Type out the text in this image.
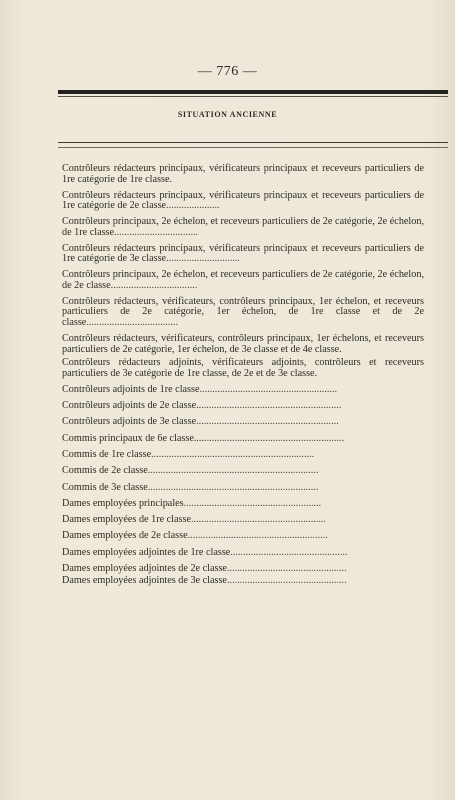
— 776 —
SITUATION ANCIENNE
Contrôleurs rédacteurs principaux, vérificateurs principaux et receveurs particuliers de 1re catégorie de 1re classe.
Contrôleurs rédacteurs principaux, vérificateurs principaux et receveurs particuliers de 1re catégorie de 2e classe.....................
Contrôleurs principaux, 2e échelon, et receveurs particuliers de 2e catégorie, 2e échelon, de 1re classe.................................
Contrôleurs rédacteurs principaux, vérificateurs principaux et receveurs particuliers de 1re catégorie de 3e classe.............................
Contrôleurs principaux, 2e échelon, et receveurs particuliers de 2e catégorie, 2e échelon, de 2e classe..................................
Contrôleurs rédacteurs, vérificateurs, contrôleurs principaux, 1er échelon, et receveurs particuliers de 2e catégorie, 1er échelon, de 1re classe et de 2e classe....................................
Contrôleurs rédacteurs, vérificateurs, contrôleurs principaux, 1er échelons, et receveurs particuliers de 2e catégorie, 1er échelon, de 3e classe et de 4e classe.
Contrôleurs rédacteurs adjoints, vérificateurs adjoints, contrôleurs et receveurs particuliers de 3e catégorie de 1re classe, de 2e et de 3e classe.
Contrôleurs adjoints de 1re classe......................................................
Contrôleurs adjoints de 2e classe.........................................................
Contrôleurs adjoints de 3e classe........................................................
Commis principaux de 6e classe...........................................................
Commis de 1re classe................................................................
Commis de 2e classe...................................................................
Commis de 3e classe...................................................................
Dames employées principales......................................................
Dames employées de 1re classe.....................................................
Dames employées de 2e classe.......................................................
Dames employées adjointes de 1re classe..............................................
Dames employées adjointes de 2e classe...............................................
Dames employées adjointes de 3e classe...............................................
